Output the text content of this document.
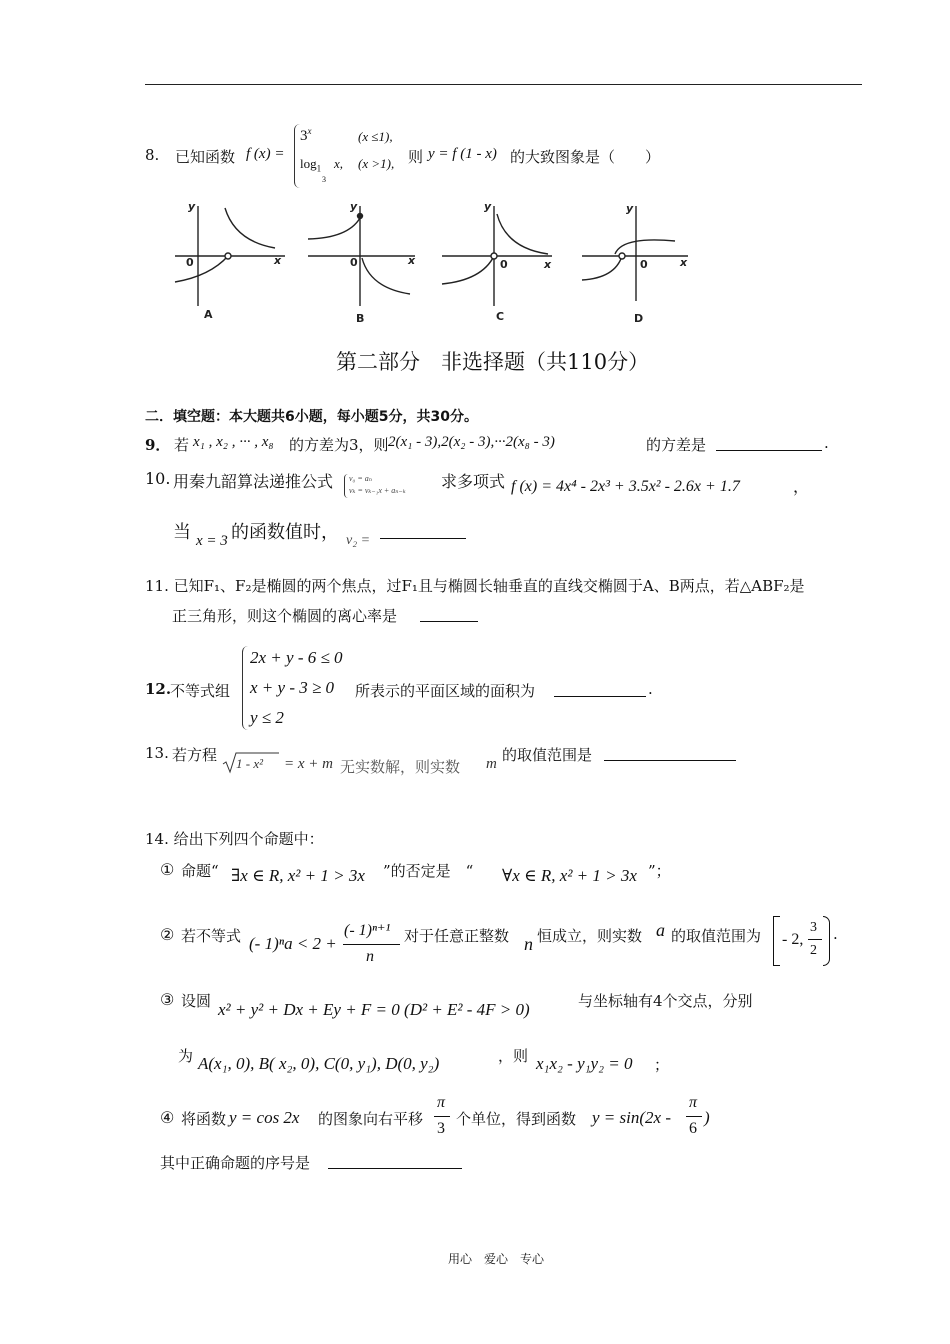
8. 已知函数 f (x) =
$3^x$	(x ≤1),
$\log_1$
3
x, (x >1), 则 y = f (1 - x) 的大致图象是（　　）
y
x
0
A
y
x
0
B
y
x
0
C
y
x
0
D
第二部分　非选择题（共110分）
二．填空题：本大题共6小题，每小题5分，共30分。
9． 若 x₁ , x₂ , ··· , x₈ 的方差为3，则 2(x₁ - 3),2(x₂ - 3),···2(x₈ - 3)	的方差是	.
10. 用秦九韶算法递推公式 v₀ = aₙ
vₖ = vₖ₋₁x + aₙ₋ₖ 求多项式 f (x) = 4x⁴ - 2x³ + 3.5x² - 2.6x + 1.7	，
当 x = 3 的函数值时， v₂ =
11. 已知F₁、F₂是椭圆的两个焦点，过F₁且与椭圆长轴垂直的直线交椭圆于A、B两点，若△ABF₂是
正三角形，则这个椭圆的离心率是
12.
不等式组
2x + y - 6 ≤ 0
x + y - 3 ≥ 0
y ≤ 2
所表示的平面区域的面积为	.
13. 若方程 1 - x² = x + m 无实数解，则实数 m 的取值范围是
14. 给出下列四个命题中：
① 命题“ ∃x ∈ R, x² + 1 > 3x ”的否定是　“ ∀x ∈ R, x² + 1 > 3x ”；
② 若不等式 (- 1)ⁿa < 2 +
(- 1)ⁿ⁺¹
n
对于任意正整数 n 恒成立，则实数 a 的取值范围为 - 2,
3
2
.
③ 设圆 x² + y² + Dx + Ey + F = 0 (D² + E² - 4F > 0)	与坐标轴有4个交点，分别
为 A(x₁, 0), B( x₂, 0), C(0, y₁), D(0, y₂)	，则 x₁x₂ - y₁y₂ = 0 ；
④ 将函数 y = cos 2x 的图象向右平移
π
3
个单位，得到函数 y = sin(2x -
π
6
)
其中正确命题的序号是
用心　爱心　专心
